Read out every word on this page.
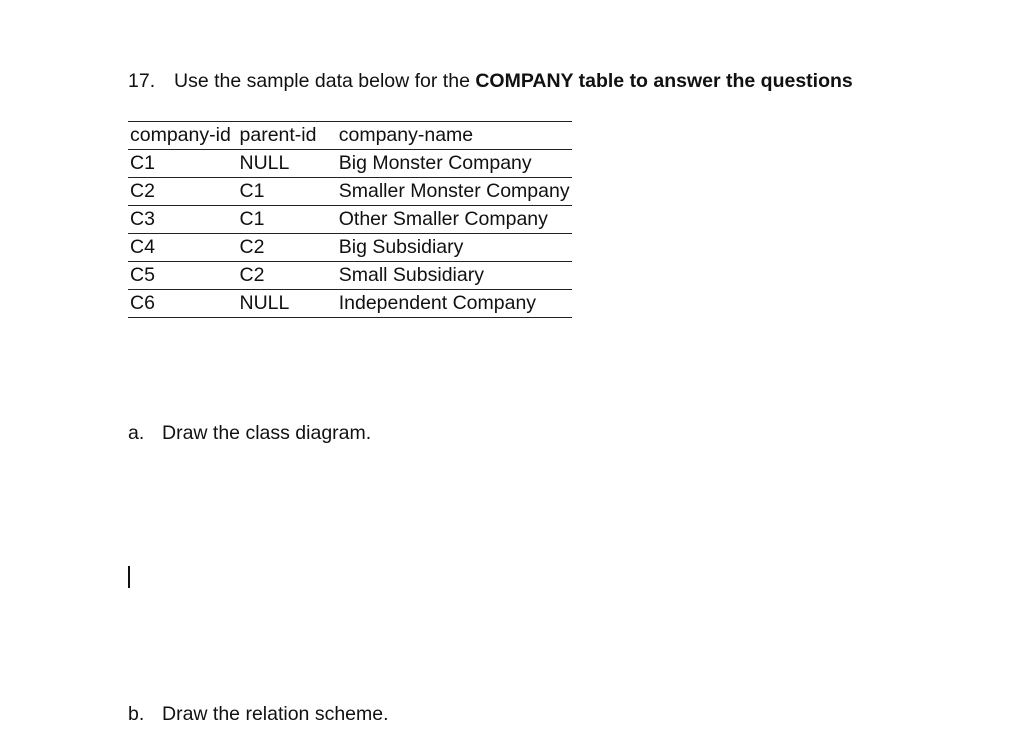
17. Use the sample data below for the COMPANY table to answer the questions
company-id	parent-id	company-name
C1	NULL	Big Monster Company
C2	C1	Smaller Monster Company
C3	C1	Other Smaller Company
C4	C2	Big Subsidiary
C5	C2	Small Subsidiary
C6	NULL	Independent Company
a. Draw the class diagram.
b. Draw the relation scheme.
